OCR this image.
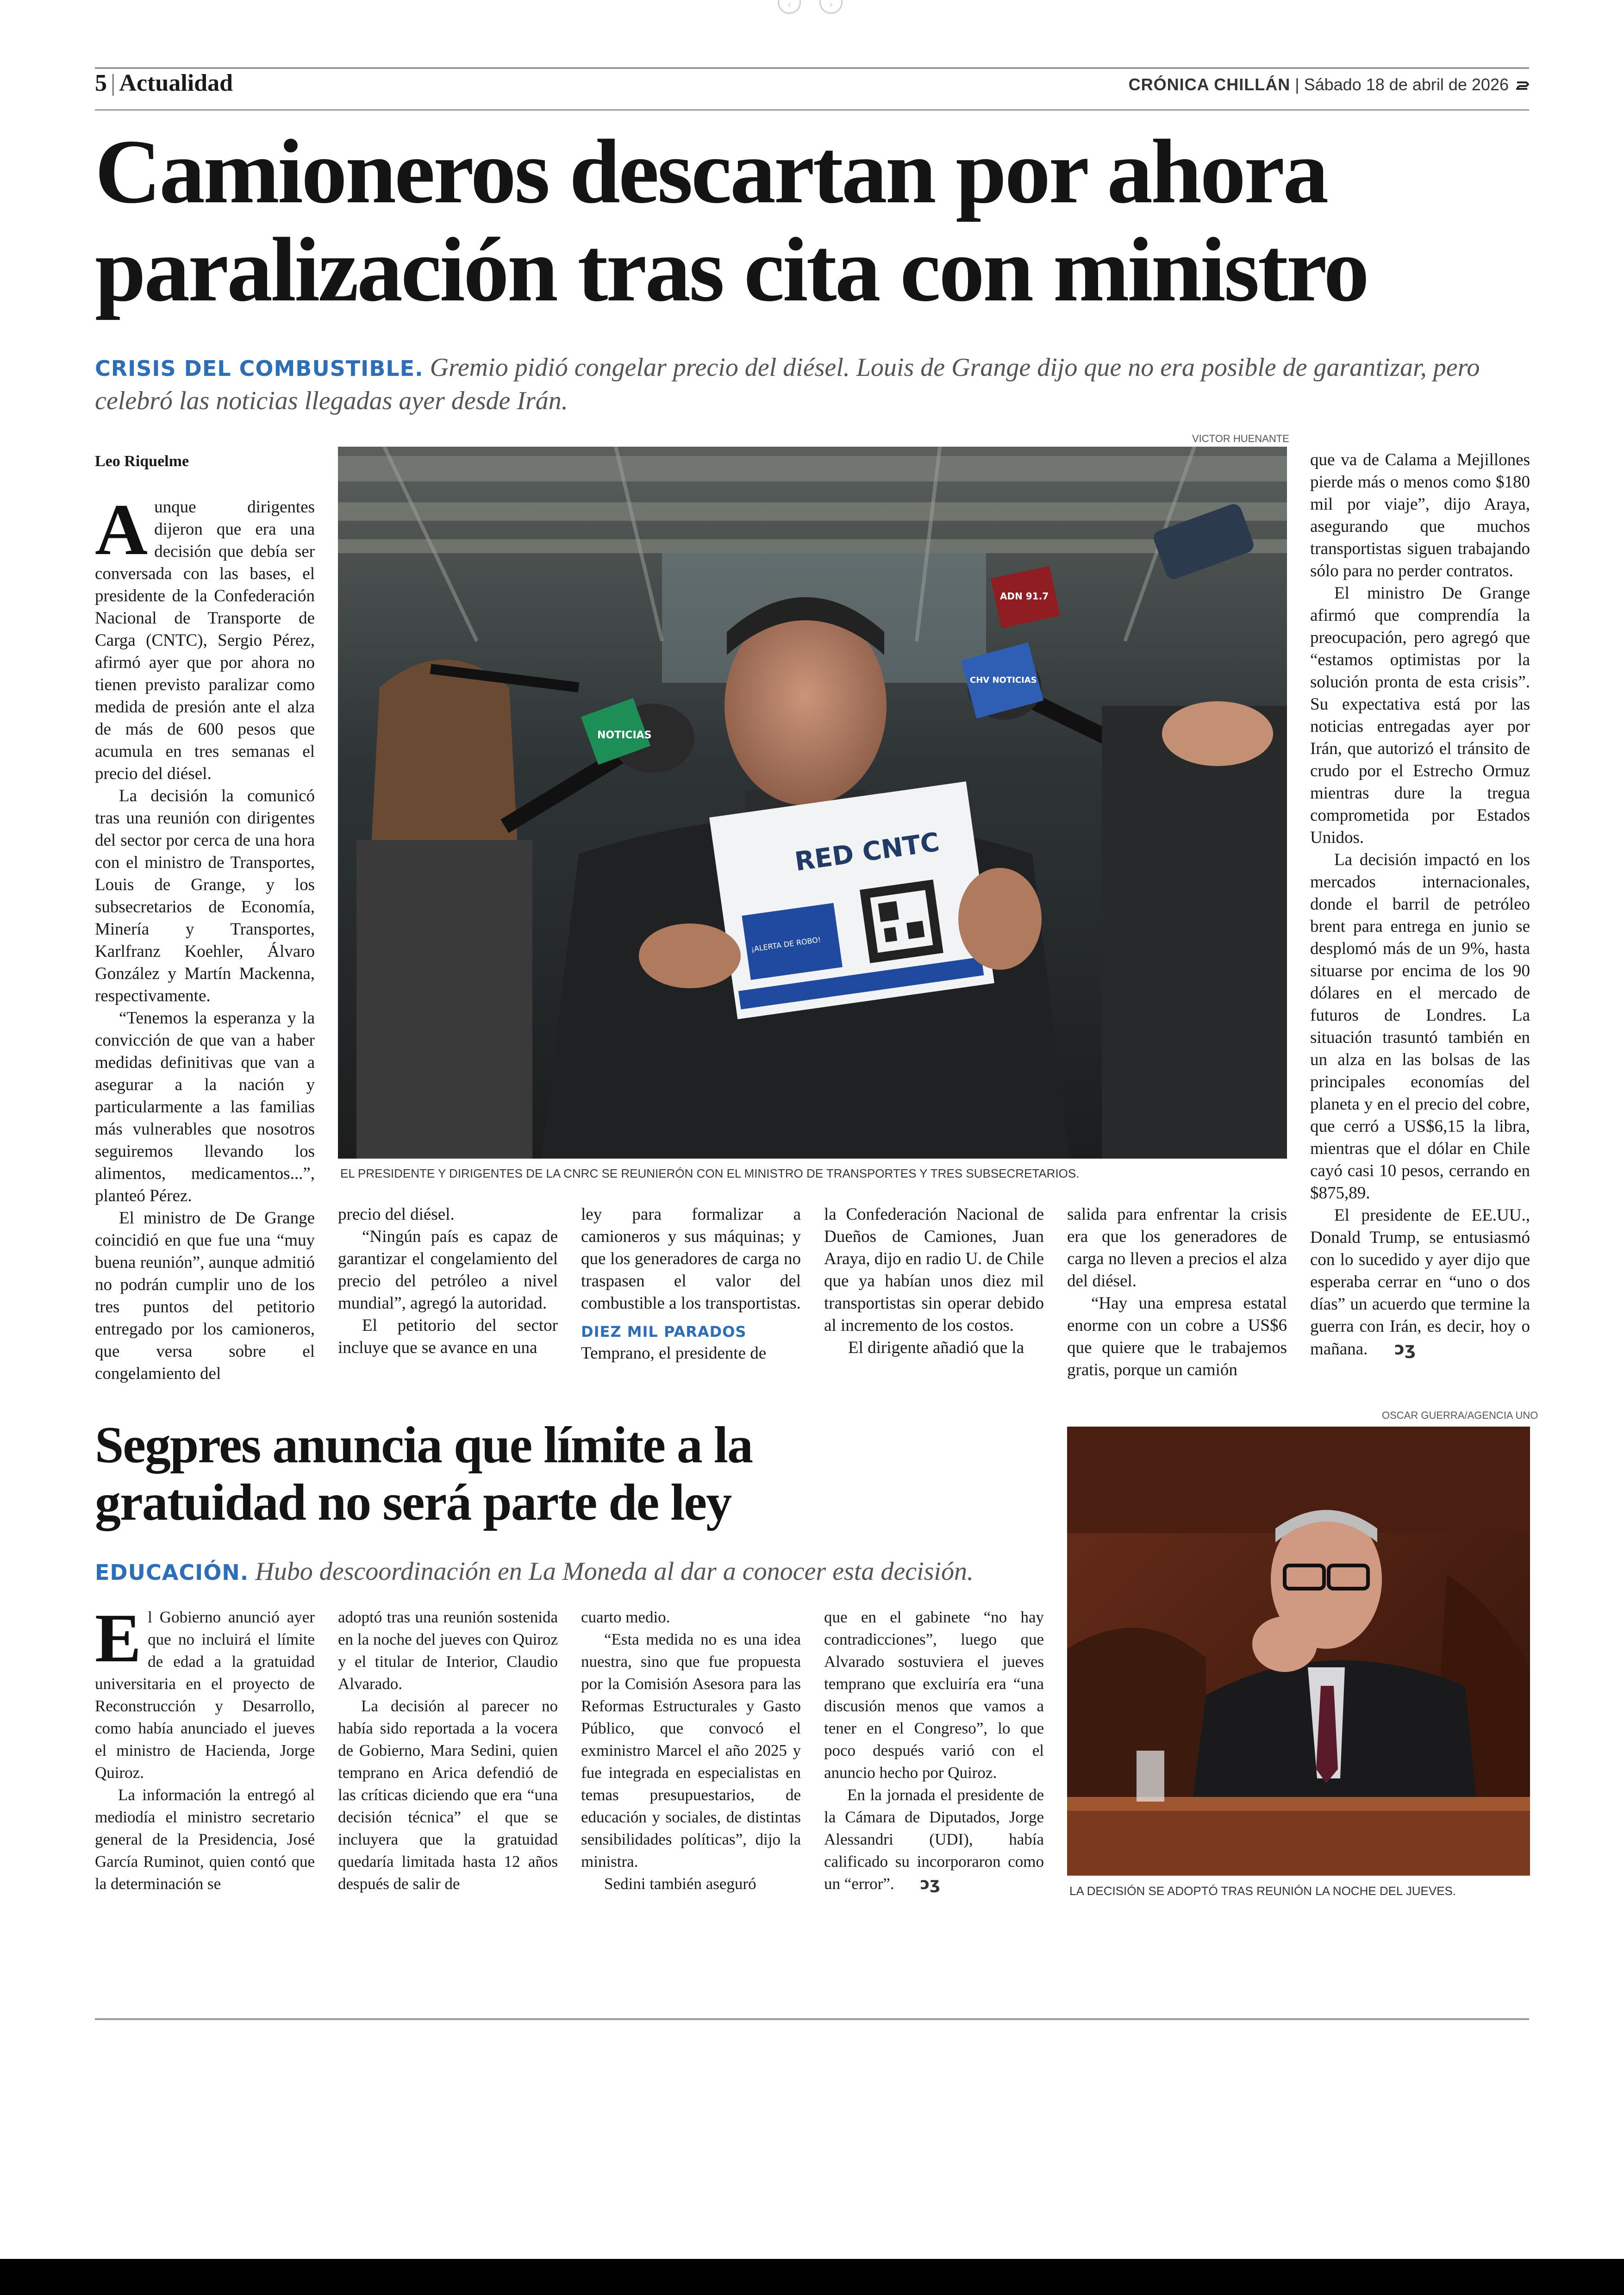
‹	›
5 | Actualidad	CRÓNICA CHILLÁN | Sábado 18 de abril de 2026
Camioneros descartan por ahora
paralización tras cita con ministro
CRISIS DEL COMBUSTIBLE. Gremio pidió congelar precio del diésel. Louis de Grange dijo que no era posible de garantizar, pero celebró las noticias llegadas ayer desde Irán.
Leo Riquelme
VICTOR HUENANTE

Aunque dirigentes dijeron que era una decisión que debía ser conversada con las bases, el presidente de la Confederación Nacional de Transporte de Carga (CNTC), Sergio Pérez, afirmó ayer que por ahora no tienen previsto paralizar como medida de presión ante el alza de más de 600 pesos que acumula en tres semanas el precio del diésel.

La decisión la comunicó tras una reunión con dirigentes del sector por cerca de una hora con el ministro de Transportes, Louis de Grange, y los subsecretarios de Economía, Minería y Transportes, Karlfranz Koehler, Álvaro González y Martín Mackenna, respectivamente.

“Tenemos la esperanza y la convicción de que van a haber medidas definitivas que van a asegurar a la nación y particularmente a las familias más vulnerables que nosotros seguiremos llevando los alimentos, medicamentos...”, planteó Pérez.

El ministro de De Grange coincidió en que fue una “muy buena reunión”, aunque admitió no podrán cumplir uno de los tres puntos del petitorio entregado por los camioneros, que versa sobre el congelamiento del

RED CNTC
¡ALERTA DE ROBO!
NOTICIAS
CHV NOTICIAS
ADN 91.7
EL PRESIDENTE Y DIRIGENTES DE LA CNRC SE REUNIERÓN CON EL MINISTRO DE TRANSPORTES Y TRES SUBSECRETARIOS.

precio del diésel.

“Ningún país es capaz de garantizar el congelamiento del precio del petróleo a nivel mundial”, agregó la autoridad.

El petitorio del sector incluye que se avance en una

ley para formalizar a camioneros y sus máquinas; y que los generadores de carga no traspasen el valor del combustible a los transportistas.

DIEZ MIL PARADOS

Temprano, el presidente de

la Confederación Nacional de Dueños de Camiones, Juan Araya, dijo en radio U. de Chile que ya habían unos diez mil transportistas sin operar debido al incremento de los costos.

El dirigente añadió que la

salida para enfrentar la crisis era que los generadores de carga no lleven a precios el alza del diésel.

“Hay una empresa estatal enorme con un cobre a US$6 que quiere que le trabajemos gratis, porque un camión

que va de Calama a Mejillones pierde más o menos como $180 mil por viaje”, dijo Araya, asegurando que muchos transportistas siguen trabajando sólo para no perder contratos.

El ministro De Grange afirmó que comprendía la preocupación, pero agregó que “estamos optimistas por la solución pronta de esta crisis”. Su expectativa está por las noticias entregadas ayer por Irán, que autorizó el tránsito de crudo por el Estrecho Ormuz mientras dure la tregua comprometida por Estados Unidos.

La decisión impactó en los mercados internacionales, donde el barril de petróleo brent para entrega en junio se desplomó más de un 9%, hasta situarse por encima de los 90 dólares en el mercado de futuros de Londres. La situación trasuntó también en un alza en las bolsas de las principales economías del planeta y en el precio del cobre, que cerró a US$6,15 la libra, mientras que el dólar en Chile cayó casi 10 pesos, cerrando en $875,89.

El presidente de EE.UU., Donald Trump, se entusiasmó con lo sucedido y ayer dijo que esperaba cerrar en “uno o dos días” un acuerdo que termine la guerra con Irán, es decir, hoy o mañana. ↄʒ

Segpres anuncia que límite a la
gratuidad no será parte de ley
EDUCACIÓN. Hubo descoordinación en La Moneda al dar a conocer esta decisión.

El Gobierno anunció ayer que no incluirá el límite de edad a la gratuidad universitaria en el proyecto de Reconstrucción y Desarrollo, como había anunciado el jueves el ministro de Hacienda, Jorge Quiroz.

La información la entregó al mediodía el ministro secretario general de la Presidencia, José García Ruminot, quien contó que la determinación se

adoptó tras una reunión sostenida en la noche del jueves con Quiroz y el titular de Interior, Claudio Alvarado.

La decisión al parecer no había sido reportada a la vocera de Gobierno, Mara Sedini, quien temprano en Arica defendió de las críticas diciendo que era “una decisión técnica” el que se incluyera que la gratuidad quedaría limitada hasta 12 años después de salir de

cuarto medio.

“Esta medida no es una idea nuestra, sino que fue propuesta por la Comisión Asesora para las Reformas Estructurales y Gasto Público, que convocó el exministro Marcel el año 2025 y fue integrada en especialistas en temas presupuestarios, de educación y sociales, de distintas sensibilidades políticas”, dijo la ministra.

Sedini también aseguró

que en el gabinete “no hay contradicciones”, luego que Alvarado sostuviera el jueves temprano que excluiría era “una discusión menos que vamos a tener en el Congreso”, lo que poco después varió con el anuncio hecho por Quiroz.

En la jornada el presidente de la Cámara de Diputados, Jorge Alessandri (UDI), había calificado su incorporaron como un “error”. ↄʒ

OSCAR GUERRA/AGENCIA UNO
LA DECISIÓN SE ADOPTÓ TRAS REUNIÓN LA NOCHE DEL JUEVES.
